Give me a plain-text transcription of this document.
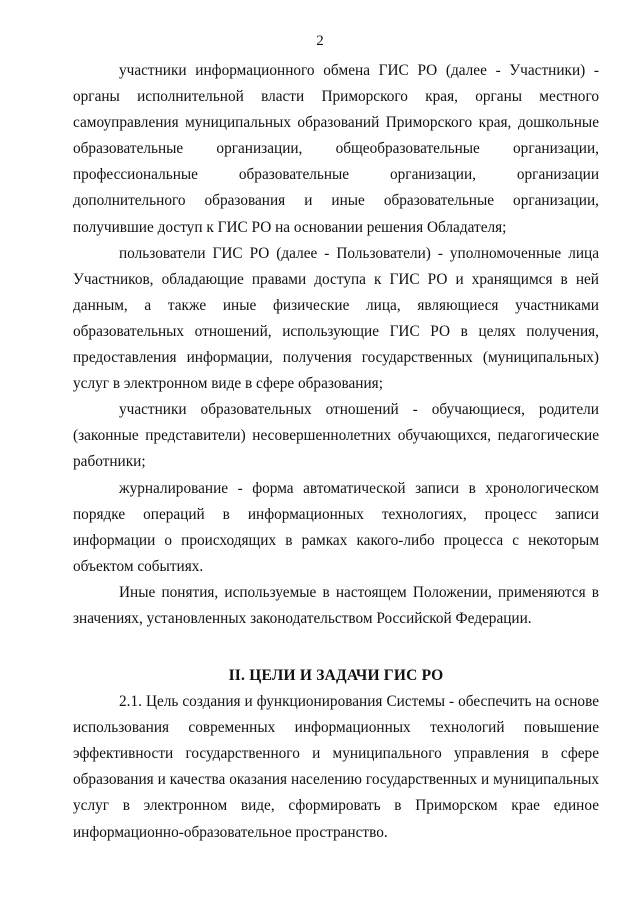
2

участники информационного обмена ГИС РО (далее - Участники) - органы исполнительной власти Приморского края, органы местного самоуправления муниципальных образований Приморского края, дошкольные образовательные организации, общеобразовательные организации, профессиональные образовательные организации, организации дополнительного образования и иные образовательные организации, получившие доступ к ГИС РО на основании решения Обладателя;

пользователи ГИС РО (далее - Пользователи) - уполномоченные лица Участников, обладающие правами доступа к ГИС РО и хранящимся в ней данным, а также иные физические лица, являющиеся участниками образовательных отношений, использующие ГИС РО в целях получения, предоставления информации, получения государственных (муниципальных) услуг в электронном виде в сфере образования;

участники образовательных отношений - обучающиеся, родители (законные представители) несовершеннолетних обучающихся, педагогические работники;

журналирование - форма автоматической записи в хронологическом порядке операций в информационных технологиях, процесс записи информации о происходящих в рамках какого-либо процесса с некоторым объектом событиях.

Иные понятия, используемые в настоящем Положении, применяются в значениях, установленных законодательством Российской Федерации.

II. ЦЕЛИ И ЗАДАЧИ ГИС РО

2.1. Цель создания и функционирования Системы - обеспечить на основе использования современных информационных технологий повышение эффективности государственного и муниципального управления в сфере образования и качества оказания населению государственных и муниципальных услуг в электронном виде, сформировать в Приморском крае единое информационно-образовательное пространство.
